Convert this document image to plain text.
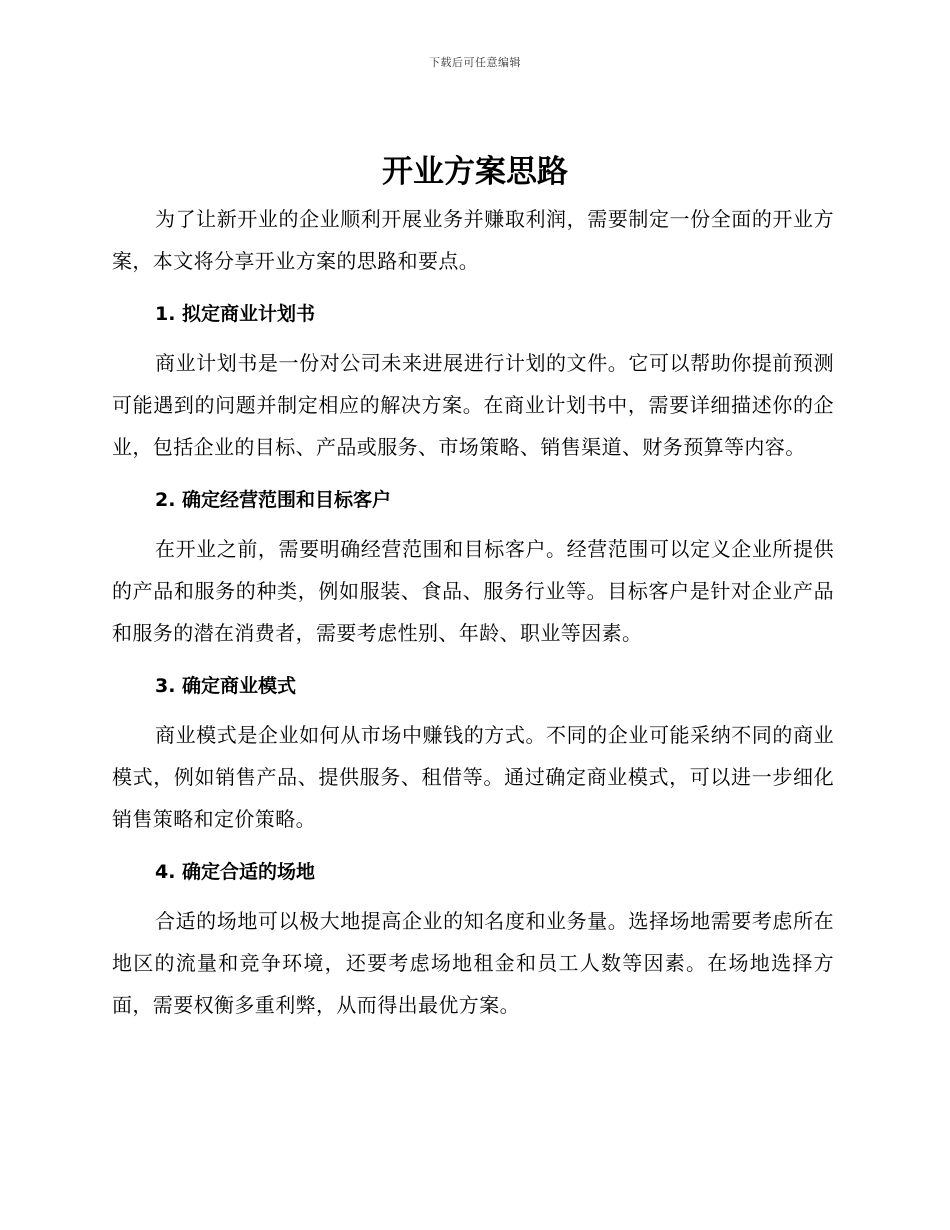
下载后可任意编辑
开业方案思路

为了让新开业的企业顺利开展业务并赚取利润，需要制定一份全面的开业方案，本文将分享开业方案的思路和要点。

1. 拟定商业计划书

商业计划书是一份对公司未来进展进行计划的文件。它可以帮助你提前预测可能遇到的问题并制定相应的解决方案。在商业计划书中，需要详细描述你的企业，包括企业的目标、产品或服务、市场策略、销售渠道、财务预算等内容。

2. 确定经营范围和目标客户

在开业之前，需要明确经营范围和目标客户。经营范围可以定义企业所提供的产品和服务的种类，例如服装、食品、服务行业等。目标客户是针对企业产品和服务的潜在消费者，需要考虑性别、年龄、职业等因素。

3. 确定商业模式

商业模式是企业如何从市场中赚钱的方式。不同的企业可能采纳不同的商业模式，例如销售产品、提供服务、租借等。通过确定商业模式，可以进一步细化销售策略和定价策略。

4. 确定合适的场地

合适的场地可以极大地提高企业的知名度和业务量。选择场地需要考虑所在地区的流量和竞争环境，还要考虑场地租金和员工人数等因素。在场地选择方面，需要权衡多重利弊，从而得出最优方案。
